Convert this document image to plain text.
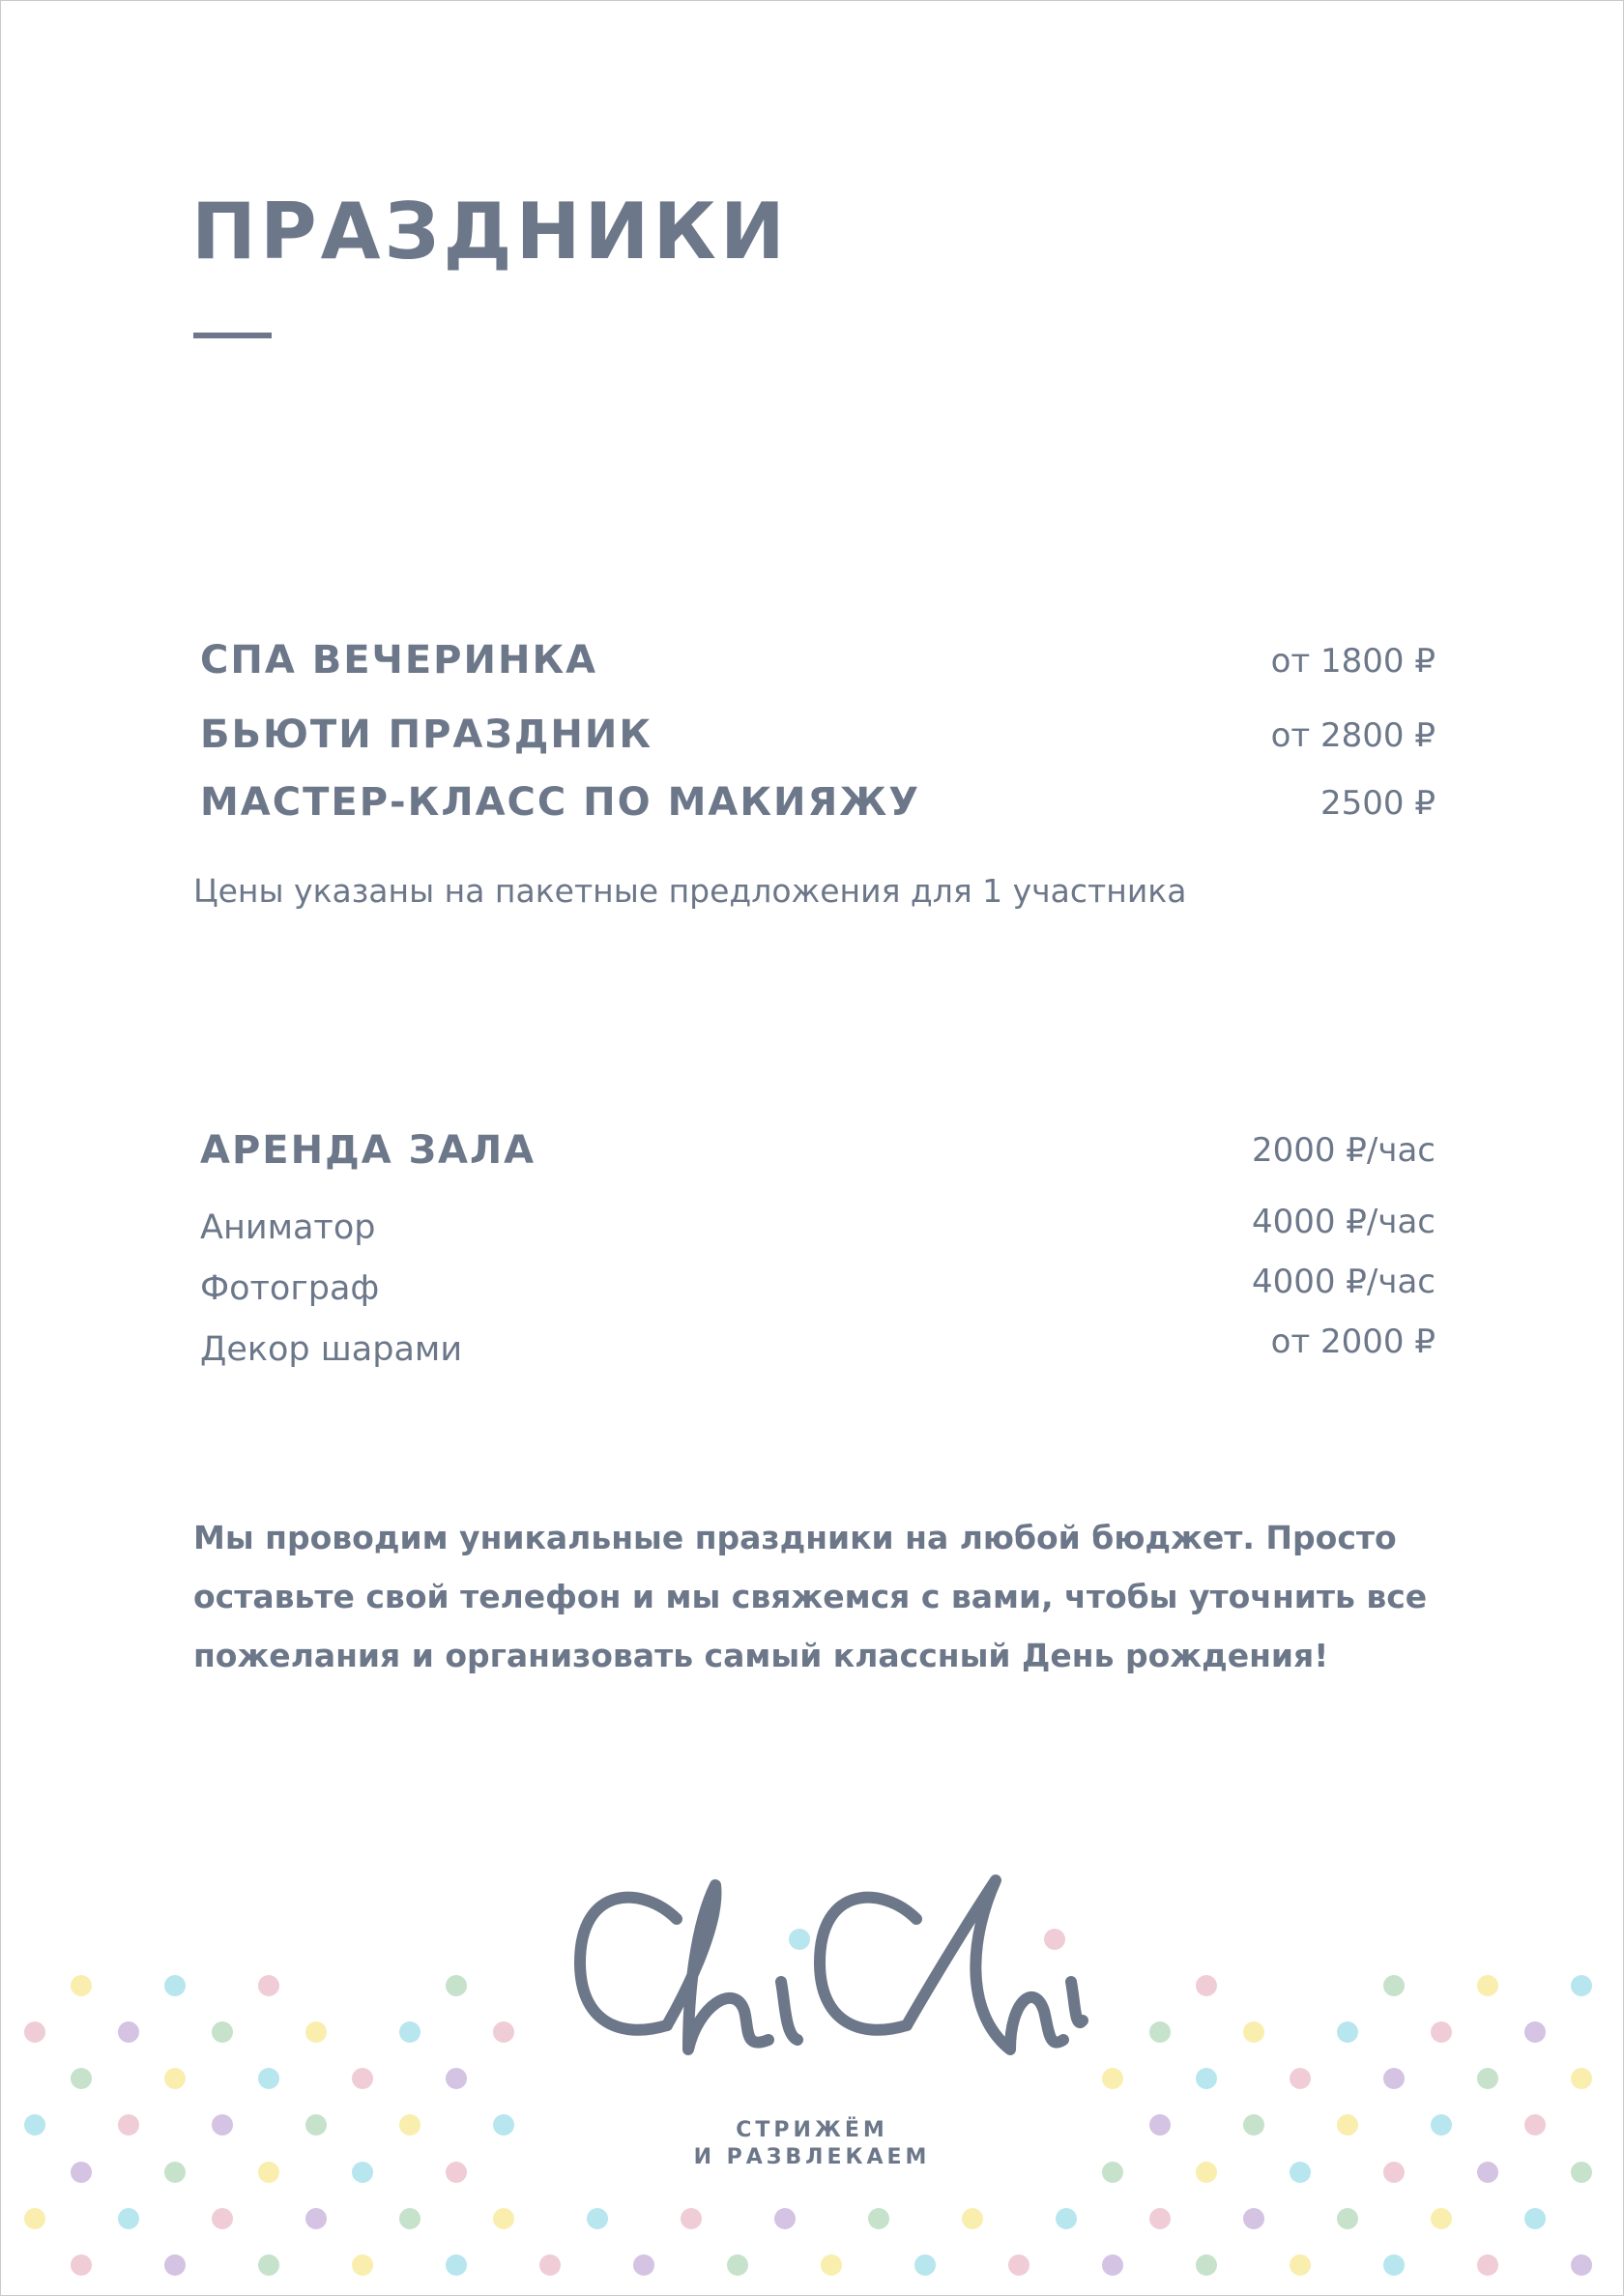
ПРАЗДНИКИ
СПА ВЕЧЕРИНКА	от 1800 ₽
БЬЮТИ ПРАЗДНИК	от 2800 ₽
МАСТЕР-КЛАСС ПО МАКИЯЖУ	2500 ₽
Цены указаны на пакетные предложения для 1 участника
АРЕНДА ЗАЛА	2000 ₽/час
Аниматор	4000 ₽/час
Фотограф	4000 ₽/час
Декор шарами	от 2000 ₽
Мы проводим уникальные праздники на любой бюджет. Просто оставьте свой телефон и мы свяжемся с вами, чтобы уточнить все пожелания и организовать самый классный День рождения!
СТРИЖЁМ
И РАЗВЛЕКАЕМ
